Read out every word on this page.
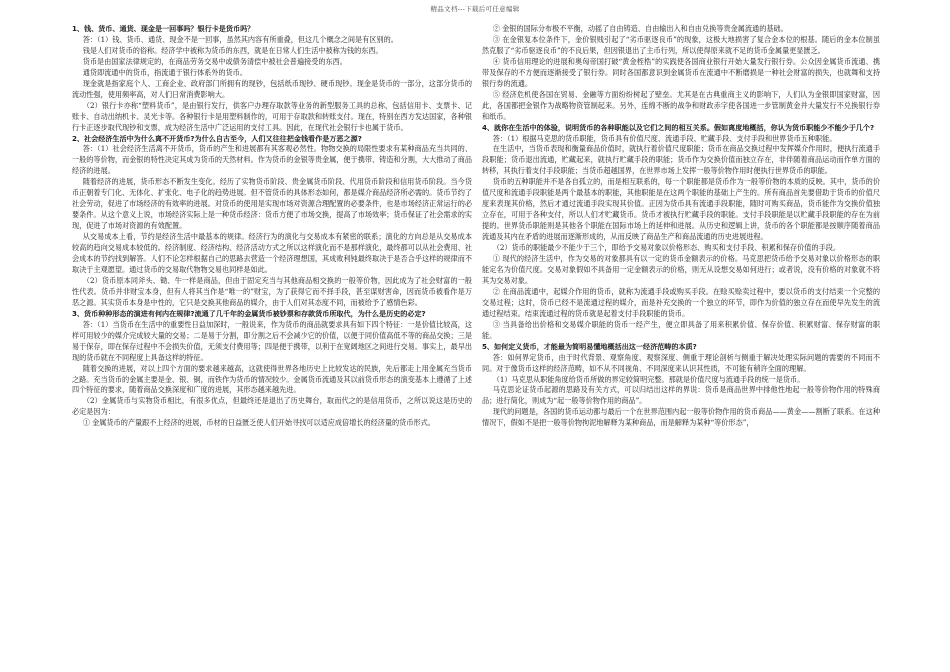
精品文档---下载后可任意编辑

1、钱、货币、通货、现金是一回事吗？银行卡是货币吗？

答：（1）钱、货币、通货、现金不是一回事，虽然其内容有所重叠，但这几个概念之间是有区别的。

钱是人们对货币的俗称。经济学中被称为货币的东西，就是在日常人们生活中被称为钱的东西。

货币是由国家法律规定的，在商品劳务交易中或债务清偿中被社会普遍接受的东西。

通货即流通中的货币，指流通于银行体系外的货币。

现金就是指家庭个人、工商企业、政府部门所拥有的现钞，包括纸币现钞、硬币现钞。现金是货币的一部分，这部分货币的流动性强，使用频率高，对人们日常消费影响大。

（2）银行卡亦称“塑料货币”，是由银行发行，供客户办理存取款等业务的新型服务工具的总称，包括信用卡、支票卡、记账卡、自动出纳机卡、灵光卡等。各种银行卡是用塑料制作的，可用于存取款和转账支付。现在，特别在西方发达国家，各种银行卡正逐步取代现钞和支票，成为经济生活中广泛运用的支付工具。因此，在现代社会银行卡也属于货币。

2、社会经济生活中为什么离不开货币?为什么自古至今，人们又往往把金钱看作是万恶之源?

答：（1）社会经济生活离不开货币，货币的产生和进展都有其客观必然性。物物交换的局限性要求有某种商品充当共同的、一般的等价物，而金银的特性决定其成为货币的天然材料。作为货币的金银等贵金属，便于携带、铸造和分割，大大推动了商品经济的进展。

随着经济的进展，货币形态不断发生变化。经历了实物货币阶段、贵金属货币阶段、代用货币阶段和信用货币阶段。当今货币正朝着专门化、无体化、扩张化、电子化的趋势进展。但不管货币的具体形态如何，都是媒介商品经济所必需的。货币节约了社会劳动，促进了市场经济的有效率的进展。对货币的使用是实现市场对资源合理配置的必要条件，也是市场经济正常运行的必要条件。从这个意义上说，市场经济实际上是一种货币经济：货币方便了市场交换，提高了市场效率；货币保证了社会需求的实现，促进了市场对资源的有效配置。

从交易成本上看，节约是经济生活中最基本的规律。经济行为的演化与交易成本有紧密的联系；演化的方向总是从交易成本较高的趋向交易成本较低的。经济制度、经济结构、经济活动方式之所以这样演化而不是那样演化，最终都可以从社会费用、社会成本的节约找到解答。人们不论怎样根据自己的思路去营造一个经济理想国，其成败利钝最终取决于是否合乎这样的规律而不取决于主观愿望。通过货币的交易取代物物交易也同样是如此。

（2）货币原本同斧头、锄、牛一样是商品，但由于固定充当与其他商品相交换的一般等价物，因此成为了社会财富的一般性代表。货币并非财宝本身，但有人将其当作是“唯一的”财宝，为了获得它而不择手段，甚至谋财害命，因而货币被看作是万恶之源。其实货币本身是中性的，它只是交换其他商品的媒介，由于人们对其态度不同，而被给予了感情色彩。

3、货币种种形态的演进有何内在规律?流通了几千年的金属货币被钞票和存款货币所取代，为什么是历史的必定?

答：（1）当货币在生活中的重要性日益加深时，一般说来，作为货币的商品就要求具有如下四个特征：一是价值比较高，这样可用较少的媒介完成较大量的交易；二是易于分割，即分割之后不会减少它的价值，以便于同价值高低不等的商品交换；三是易于保存，即在保存过程中不会损失价值，无须支付费用等；四是便于携带，以利于在宽阔地区之间进行交易。事实上，最早出现的货币就在不同程度上具备这样的特征。

随着交换的进展，对以上四个方面的要求越来越高，这就使得世界各地历史上比较发达的民族，先后都走上用金属充当货币之路。充当货币的金属主要是金、银、铜，而铁作为货币的情况较少。金属货币流通及其以前货币形态的演变基本上遵循了上述四个特征的要求，随着商品交换深度和广度的进展，其形态越来越先进。

（2）金属货币与实物货币相比，有很多优点，但最终还是退出了历史舞台，取而代之的是信用货币，之所以说这是历史的必定是因为：

① 金属货币的产量跟不上经济的进展，币材的日益匮乏使人们开始寻找可以适应成倍增长的经济量的货币形式。

② 金银的国际分布极不平衡，动摇了自由铸造、自由输出入和自由兑换等贵金属流通的基础。

③ 在金银复本位条件下，金价银贱引起了“劣币驱逐良币”的现象，这极大地损害了复合金本位的根基。随后的金本位制虽然克服了“劣币驱逐良币”的不良后果，但因银退出了主币行列，所以使得原来就不足的货币金属量更显匮乏。

④ 货币信用理论的进展和奥匈帝国打破“黄金桎梏”的实践使各国商业银行开始大量发行银行券。公众因金属货币流通、携带及保存的不方便而逐渐接受了银行券。同时各国都意识到金属货币在流通中不断磨损是一种社会财富的损失，也就舞和支持银行券的流通。

⑤ 经济危机使各国在贸易、金融等方面纷纷树起了壁垒。尤其是在古典重商主义的影响下，人们认为金银即国家财富，因此，各国都把金银作为战略物资管制起来。另外，连绵不断的战争和财政赤字使各国进一步管制黄金并大量发行不兑换银行券和纸币。

4、就你在生活中的体验，说明货币的各种职能以及它们之间的相互关系。假如离度地概括，你认为货币职能少不能少于几个?

答：（1）根据马克思的货币职能，货币具有价值尺度、流通手段、贮藏手段、支付手段和世界货币五种职能。

在生活中，当货币表现和衡量商品价值时，就执行着价值尺度职能；货币在商品交换过程中发挥媒介作用时，便执行流通手段职能；货币退出流通，贮藏起来，就执行贮藏手段的职能；货币作为交换价值而独立存在，非伴随着商品运动而作单方面的转移，其执行着支付手段职能；当货币超越国界，在世界市场上发挥一般等价物作用时便执行世界货币的职能。

货币的五种职能并不是各自孤立的，而是相互联系的，每一个职能都是货币作为一般等价物的本质的反映。其中，货币的价值尺度和流通手段职能是两个最基本的职能，其他职能是在这两个职能的基础上产生的。所有商品首先要借助于货币的价值尺度来表现其价格，然后才通过流通手段实现其价值。正因为货币具有流通手段职能，随时可购买商品，货币能作为交换价值独立存在，可用于各种支付，所以人们才贮藏货币。货币才被执行贮藏手段的职能。支付手段职能是以贮藏手段职能的存在为前提的。世界货币职能则是其他各个职能在国际市场上的延伸和进展。从历史和逻辑上讲，货币的各个职能都是按顺序随着商品流通及其内在矛盾的进展而逐渐形成的，从而反映了商品生产和商品流通的历史进展进程。

（2）货币的职能最少不能少于三个，即给予交易对象以价格形态、购买和支付手段、积累和保存价值的手段。

① 现代的经济生活中，作为交易的对象都具有以一定的货币金额表示的价格。马克思把货币给予交易对象以价格形态的职能定名为价值尺度。交易对象假如不具备用一定金额表示的价格，则无从设想交易如何进行；或者说，没有价格的对象就不将其为交易对象。

② 在商品流通中，起媒介作用的货币，就称为流通手段或购买手段。在赊买赊卖过程中，要以货币的支付结束一个完整的交易过程；这时，货币已经不是流通过程的媒介，而是补充交换的一个独立的环节，即作为价值的独立存在而使早先发生的流通过程结束。结束流通过程的货币就是起着支付手段职能的货币。

③ 当具备给出价格和交易媒介职能的货币一经产生，便立即具备了用来积累价值、保存价值、积累财富、保存财富的职能。

5、如何定义货币，才能最为简明易懂地概括出这一经济范畴的本质?

答：如何界定货币，由于时代背景、观察角度、观察深度、侧重于理论剖析与侧重于解决处理实际问题的需要的不同而不同。对于像货币这样的经济范畴，如不从不同视角、不同深度来认识其性质，不可能有稍许全面的理解。

（1）马克思从职能角度给货币所做的界定较简明完整。那就是价值尺度与流通手段的统一是货币。

马克思论证货币起源的思路及有关方式，可以归结出这样的界说：货币是商品世界中排他性地起一般等价物作用的特殊商品；进行简化，则成为“起一般等价物作用的商品”。

现代的问题是，各国的货币运动都与最后一个在世界范围内起一般等价物作用的货币商品——黄金——割断了联系。在这种情况下，假如不是把一般等价物拘泥地解释为某种商品，而是解释为某种“等价形态”，
